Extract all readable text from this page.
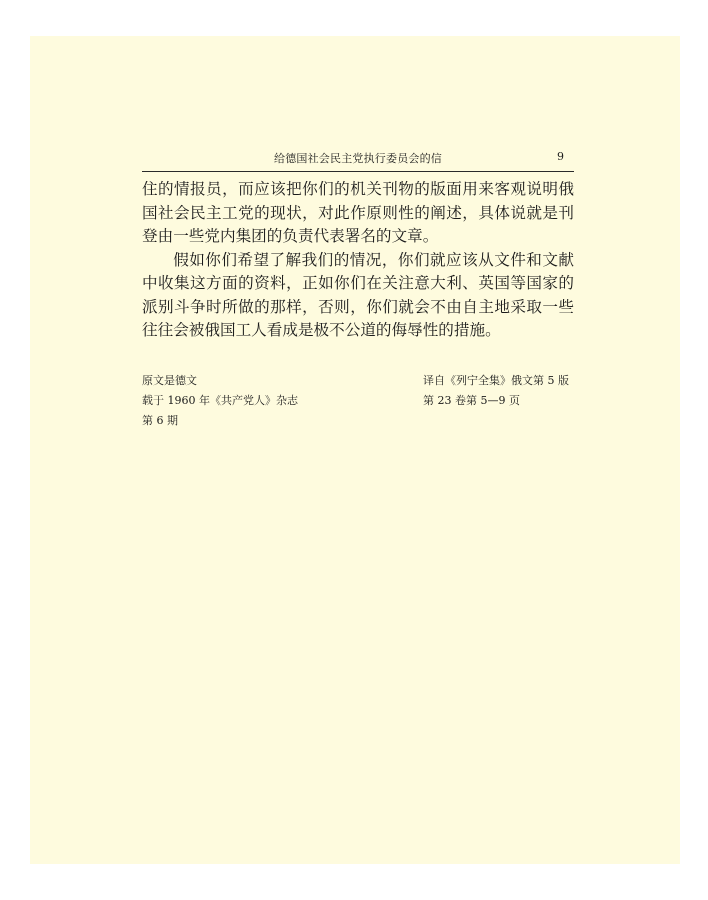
给德国社会民主党执行委员会的信	9

住的情报员，而应该把你们的机关刊物的版面用来客观说明俄国社会民主工党的现状，对此作原则性的阐述，具体说就是刊登由一些党内集团的负责代表署名的文章。

假如你们希望了解我们的情况，你们就应该从文件和文献中收集这方面的资料，正如你们在关注意大利、英国等国家的派别斗争时所做的那样，否则，你们就会不由自主地采取一些往往会被俄国工人看成是极不公道的侮辱性的措施。

原文是德文
载于 1960 年《共产党人》杂志
第 6 期
译自《列宁全集》俄文第 5 版
第 23 卷第 5—9 页
